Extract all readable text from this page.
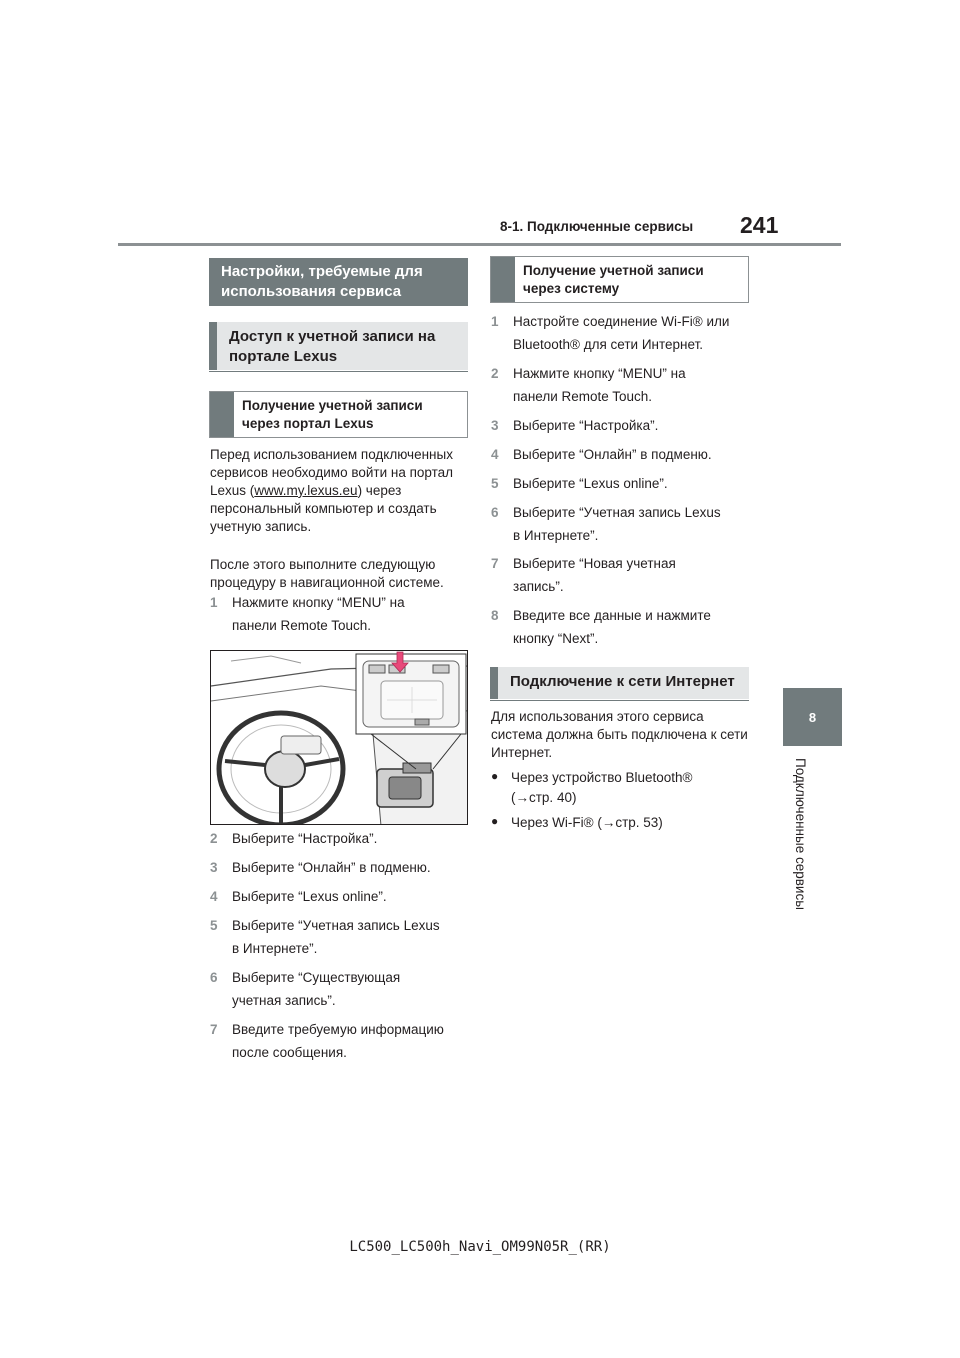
8-1. Подключенные сервисы 241
8
Подключенные сервисы
Настройки, требуемые для использования сервиса
Доступ к учетной записи на портале Lexus
Получение учетной записи через портал Lexus
Перед использованием подключенных сервисов необходимо войти на портал Lexus (www.my.lexus.eu) через персональный компьютер и создать учетную запись.
После этого выполните следующую процедуру в навигационной системе.
1 Нажмите кнопку “MENU” на
панели Remote Touch.
2 Выберите “Настройка”.
3 Выберите “Онлайн” в подменю.
4 Выберите “Lexus online”.
5 Выберите “Учетная запись Lexus
в Интернете”.
6 Выберите “Существующая
учетная запись”.
7 Введите требуемую информацию
после сообщения.
Получение учетной записи через систему
1 Настройте соединение Wi-Fi® или
Bluetooth® для сети Интернет.
2 Нажмите кнопку “MENU” на
панели Remote Touch.
3 Выберите “Настройка”.
4 Выберите “Онлайн” в подменю.
5 Выберите “Lexus online”.
6 Выберите “Учетная запись Lexus
в Интернете”.
7 Выберите “Новая учетная
запись”.
8 Введите все данные и нажмите
кнопку “Next”.
Подключение к сети Интернет
Для использования этого сервиса система должна быть подключена к сети Интернет.
● Через устройство Bluetooth®
(→стр. 40)
● Через Wi-Fi® (→стр. 53)
LC500_LC500h_Navi_OM99N05R_(RR)
